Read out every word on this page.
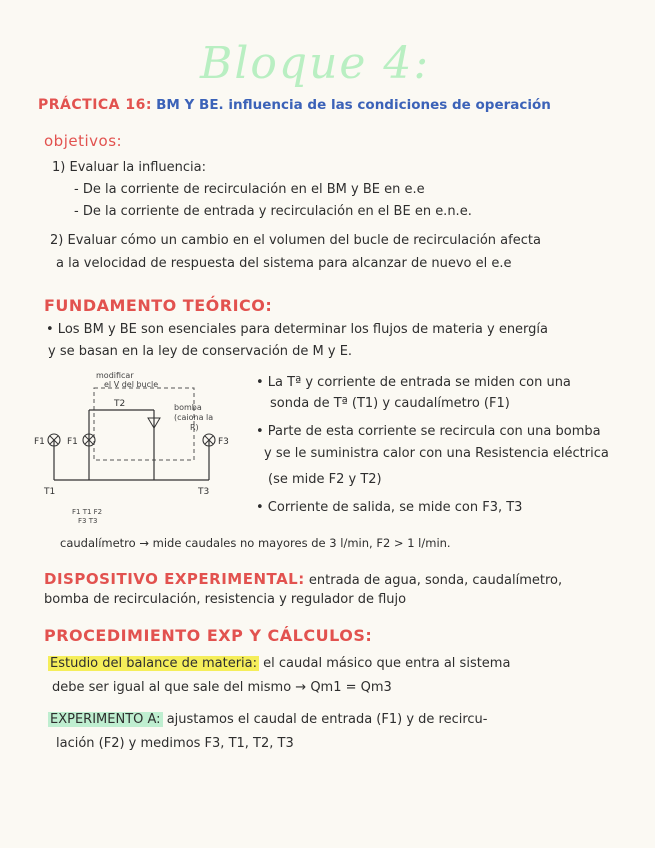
Bloque 4:
PRÁCTICA 16: BM Y BE. influencia de las condiciones de operación
objetivos:
1) Evaluar la influencia:
- De la corriente de recirculación en el BM y BE en e.e
- De la corriente de entrada y recirculación en el BE en e.n.e.
2) Evaluar cómo un cambio en el volumen del bucle de recirculación afecta
a la velocidad de respuesta del sistema para alcanzar de nuevo el e.e
FUNDAMENTO TEÓRICO:
• Los BM y BE son esenciales para determinar los flujos de materia y energía
y se basan en la ley de conservación de M y E.
modificar
el V del bucle
T2	bomba
(caiona la
R)
F1 F1	F3
T1	T3
F1 T1 F2
F3 T3
• La Tª y corriente de entrada se miden con una
sonda de Tª (T1) y caudalímetro (F1)
• Parte de esta corriente se recircula con una bomba
y se le suministra calor con una Resistencia eléctrica
(se mide F2 y T2)
• Corriente de salida, se mide con F3, T3
caudalímetro → mide caudales no mayores de 3 l/min, F2 > 1 l/min.
DISPOSITIVO EXPERIMENTAL: entrada de agua, sonda, caudalímetro,
bomba de recirculación, resistencia y regulador de flujo
PROCEDIMIENTO EXP Y CÁLCULOS:
Estudio del balance de materia: el caudal másico que entra al sistema
debe ser igual al que sale del mismo → Qm1 = Qm3
EXPERIMENTO A: ajustamos el caudal de entrada (F1) y de recircu-
lación (F2) y medimos F3, T1, T2, T3
